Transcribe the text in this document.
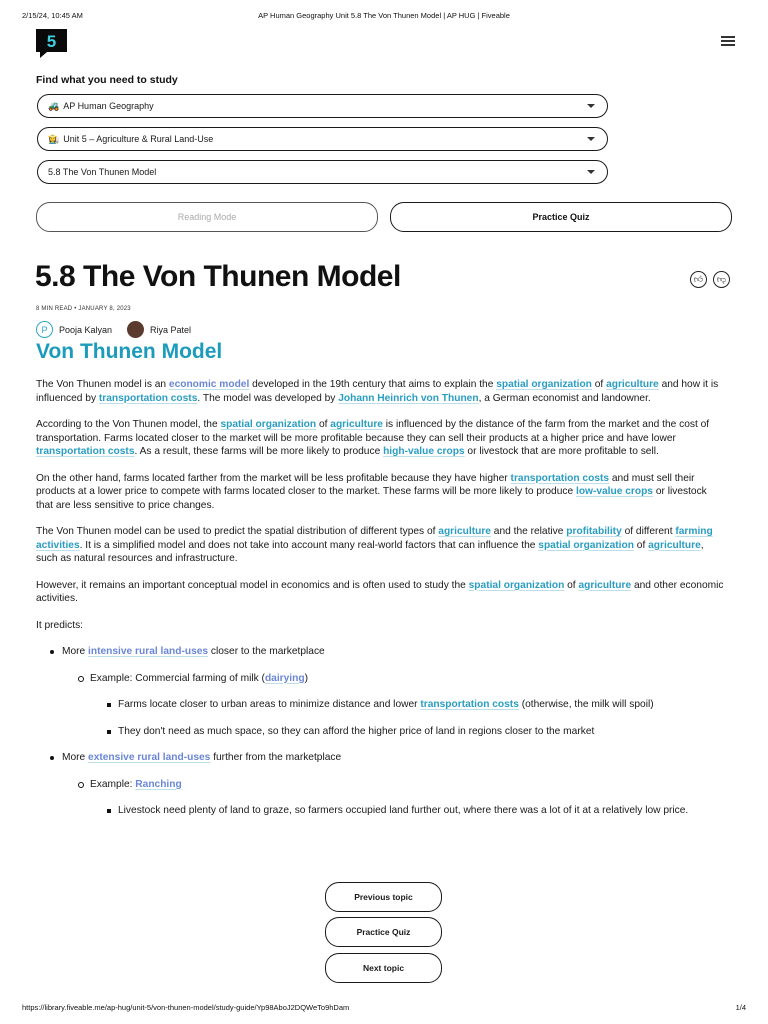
2/15/24, 10:45 AM	AP Human Geography Unit 5.8 The Von Thunen Model | AP HUG | Fiveable
5
Find what you need to study
🚜 AP Human Geography
👩‍🌾 Unit 5 – Agriculture & Rural Land-Use
5.8 The Von Thunen Model
Reading Mode	Practice Quiz
5.8 The Von Thunen Model	👍︎	👎︎
8 MIN READ • JANUARY 8, 2023
P	Pooja Kalyan	Riya Patel
Von Thunen Model

The Von Thunen model is an economic model developed in the 19th century that aims to explain the spatial organization of agriculture and how it is influenced by transportation costs. The model was developed by Johann Heinrich von Thunen, a German economist and landowner.

According to the Von Thunen model, the spatial organization of agriculture is influenced by the distance of the farm from the market and the cost of transportation. Farms located closer to the market will be more profitable because they can sell their products at a higher price and have lower transportation costs. As a result, these farms will be more likely to produce high-value crops or livestock that are more profitable to sell.

On the other hand, farms located farther from the market will be less profitable because they have higher transportation costs and must sell their products at a lower price to compete with farms located closer to the market. These farms will be more likely to produce low-value crops or livestock that are less sensitive to price changes.

The Von Thunen model can be used to predict the spatial distribution of different types of agriculture and the relative profitability of different farming activities. It is a simplified model and does not take into account many real-world factors that can influence the spatial organization of agriculture, such as natural resources and infrastructure.

However, it remains an important conceptual model in economics and is often used to study the spatial organization of agriculture and other economic activities.

It predicts:

More intensive rural land-uses closer to the marketplace
Example: Commercial farming of milk (dairying)
Farms locate closer to urban areas to minimize distance and lower transportation costs (otherwise, the milk will spoil)
They don't need as much space, so they can afford the higher price of land in regions closer to the market
More extensive rural land-uses further from the marketplace
Example: Ranching
Livestock need plenty of land to graze, so farmers occupied land further out, where there was a lot of it at a relatively low price.
Previous topic
Practice Quiz
Next topic
https://library.fiveable.me/ap-hug/unit-5/von-thunen-model/study-guide/Yp98AboJ2DQWeTo9hDam	1/4
